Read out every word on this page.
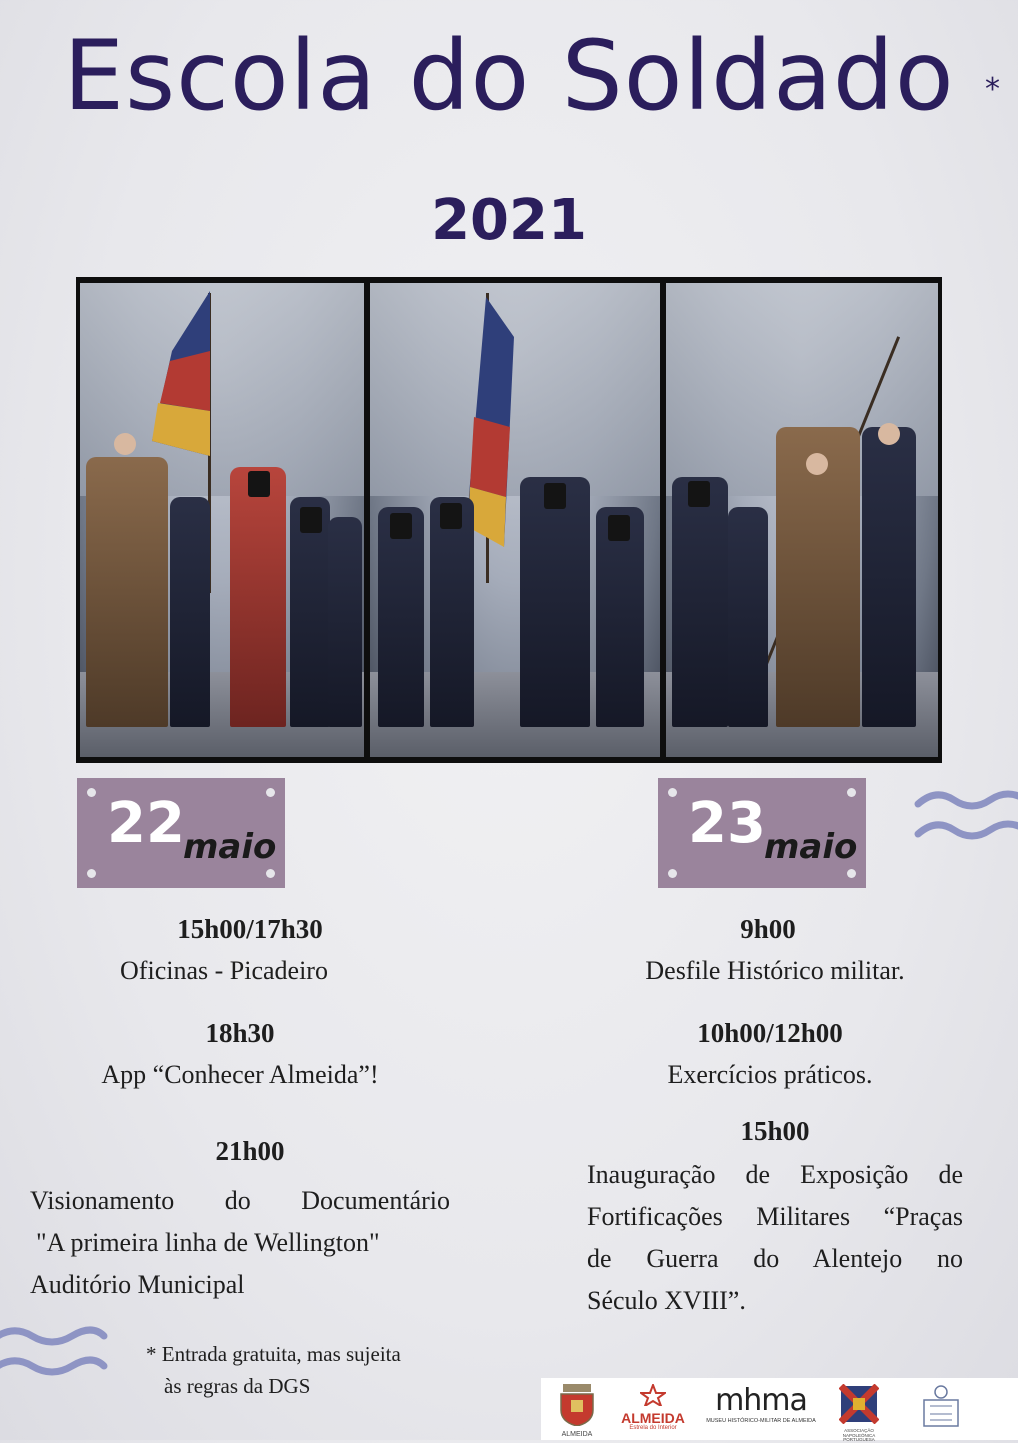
Escola do Soldado	*
2021
22
maio	23
maio
15h00/17h30
Oficinas - Picadeiro
18h30
App “Conhecer Almeida”!
21h00
Visionamento do Documentário
"A primeira linha de Wellington"
Auditório Municipal
9h00
Desfile Histórico militar.
10h00/12h00
Exercícios práticos.
15h00
Inauguração de Exposição de
Fortificações Militares “Praças
de Guerra do Alentejo no
Século XVIII”.
* Entrada gratuita, mas sujeita
às regras da DGS
ALMEIDA
ALMEIDA
Estrela do Interior
mhma
MUSEU HISTÓRICO-MILITAR DE ALMEIDA
ASSOCIAÇÃO NAPOLEÓNICA PORTUGUESA
